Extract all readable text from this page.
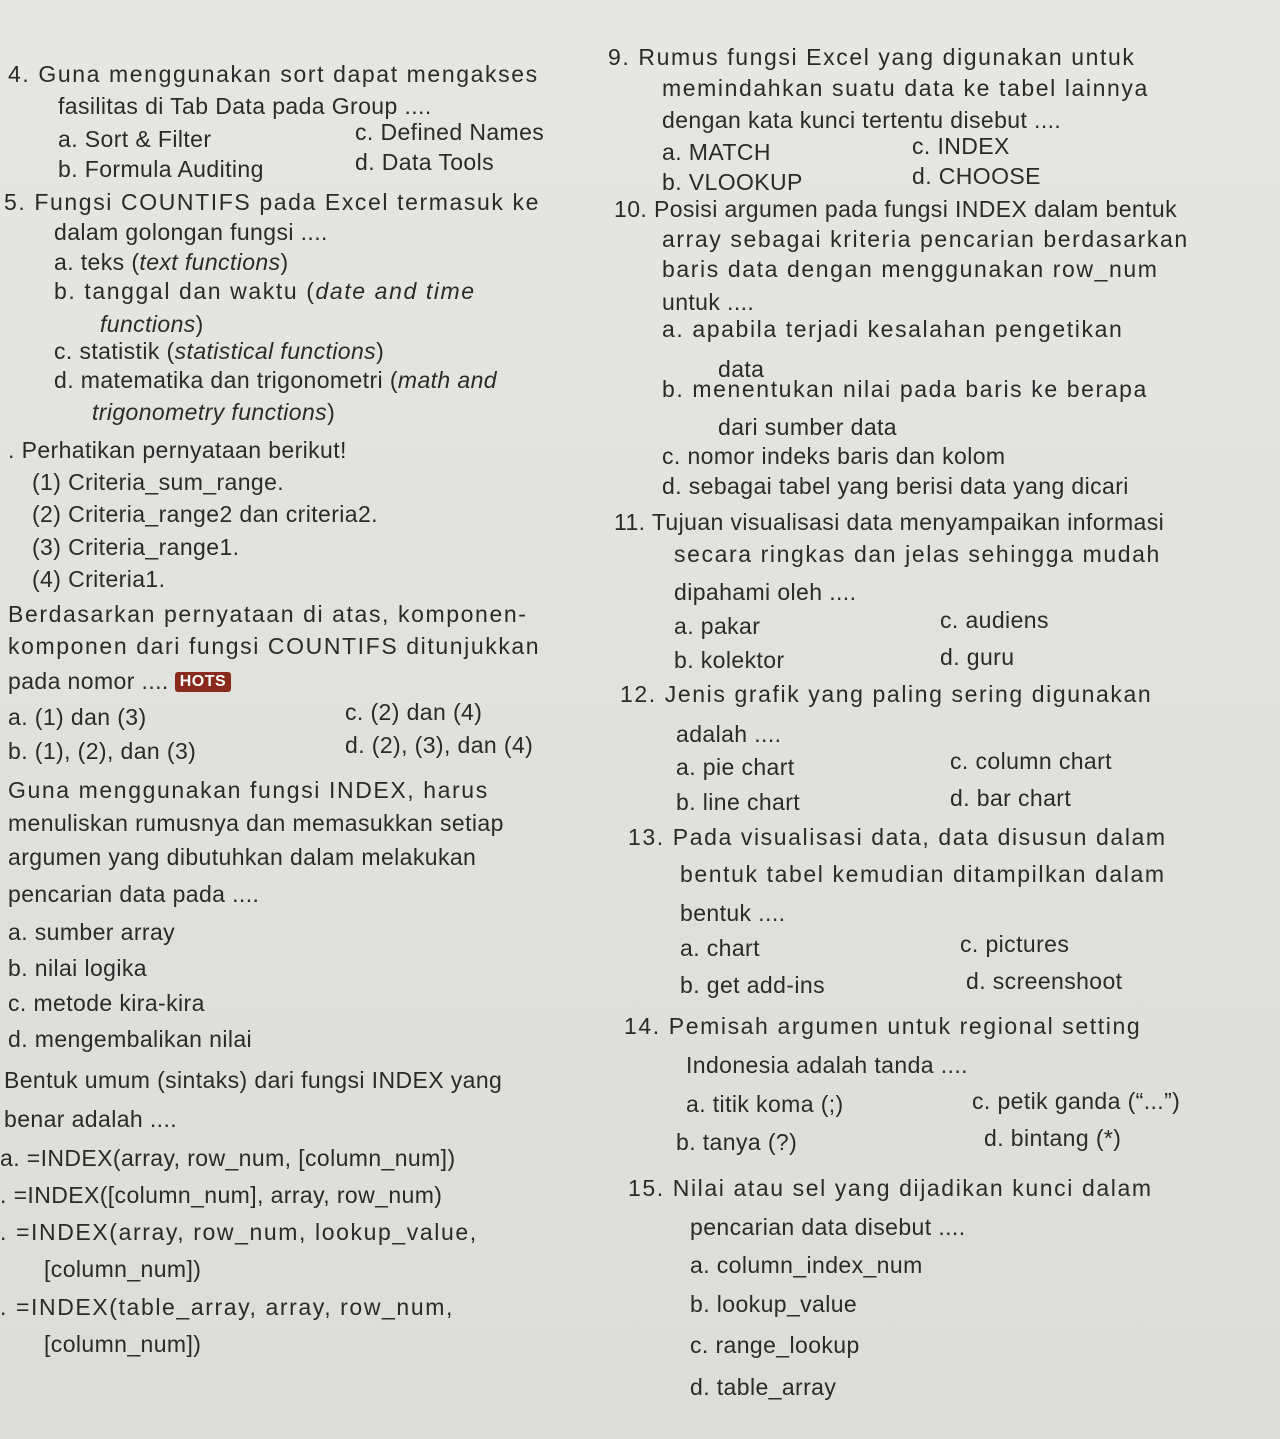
4. Guna menggunakan sort dapat mengakses
fasilitas di Tab Data pada Group ....
a. Sort & Filter	c. Defined Names
b. Formula Auditing	d. Data Tools
5. Fungsi COUNTIFS pada Excel termasuk ke
dalam golongan fungsi ....
a. teks (text functions)
b. tanggal dan waktu (date and time
functions)
c. statistik (statistical functions)
d. matematika dan trigonometri (math and
trigonometry functions)
. Perhatikan pernyataan berikut!
(1) Criteria_sum_range.
(2) Criteria_range2 dan criteria2.
(3) Criteria_range1.
(4) Criteria1.
Berdasarkan pernyataan di atas, komponen-
komponen dari fungsi COUNTIFS ditunjukkan
pada nomor .... HOTS
a. (1) dan (3)	c. (2) dan (4)
b. (1), (2), dan (3)	d. (2), (3), dan (4)
Guna menggunakan fungsi INDEX, harus
menuliskan rumusnya dan memasukkan setiap
argumen yang dibutuhkan dalam melakukan
pencarian data pada ....
a. sumber array
b. nilai logika
c. metode kira-kira
d. mengembalikan nilai
Bentuk umum (sintaks) dari fungsi INDEX yang
benar adalah ....
a. =INDEX(array, row_num, [column_num])
. =INDEX([column_num], array, row_num)
. =INDEX(array, row_num, lookup_value,
[column_num])
. =INDEX(table_array, array, row_num,
[column_num])
9. Rumus fungsi Excel yang digunakan untuk
memindahkan suatu data ke tabel lainnya
dengan kata kunci tertentu disebut ....
a. MATCH	c. INDEX
b. VLOOKUP	d. CHOOSE
10. Posisi argumen pada fungsi INDEX dalam bentuk
array sebagai kriteria pencarian berdasarkan
baris data dengan menggunakan row_num
untuk ....
a. apabila terjadi kesalahan pengetikan
data
b. menentukan nilai pada baris ke berapa
dari sumber data
c. nomor indeks baris dan kolom
d. sebagai tabel yang berisi data yang dicari
11. Tujuan visualisasi data menyampaikan informasi
secara ringkas dan jelas sehingga mudah
dipahami oleh ....
a. pakar	c. audiens
b. kolektor	d. guru
12. Jenis grafik yang paling sering digunakan
adalah ....
a. pie chart	c. column chart
b. line chart	d. bar chart
13. Pada visualisasi data, data disusun dalam
bentuk tabel kemudian ditampilkan dalam
bentuk ....
a. chart	c. pictures
b. get add-ins	d. screenshoot
14. Pemisah argumen untuk regional setting
Indonesia adalah tanda ....
a. titik koma (;)	c. petik ganda (“...”)
b. tanya (?)	d. bintang (*)
15. Nilai atau sel yang dijadikan kunci dalam
pencarian data disebut ....
a. column_index_num
b. lookup_value
c. range_lookup
d. table_array
